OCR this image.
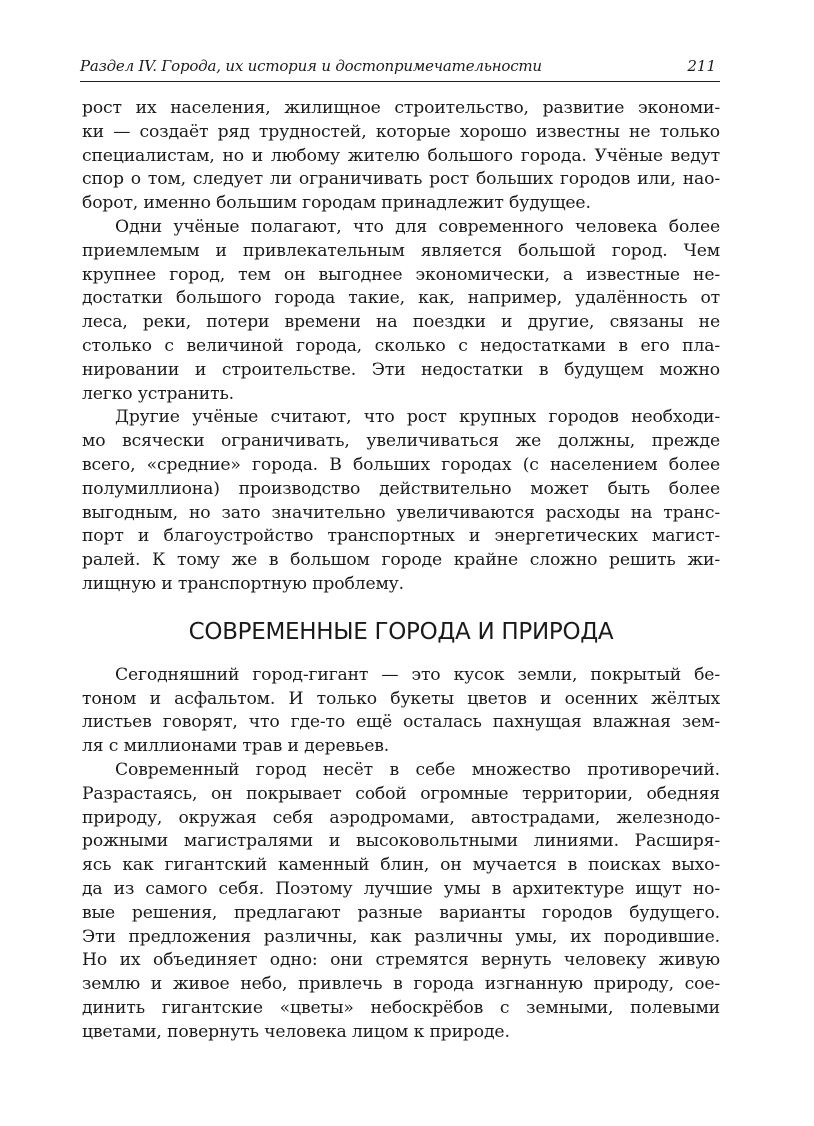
Раздел IV. Города, их история и достопримечательности	211
рост их населения, жилищное строительство, развитие экономи-
ки — создаёт ряд трудностей, которые хорошо известны не только
специалистам, но и любому жителю большого города. Учёные ведут
спор о том, следует ли ограничивать рост больших городов или, нао-
борот, именно большим городам принадлежит будущее.
Одни учёные полагают, что для современного человека более
приемлемым и привлекательным является большой город. Чем
крупнее город, тем он выгоднее экономически, а известные не-
достатки большого города такие, как, например, удалённость от
леса, реки, потери времени на поездки и другие, связаны не
столько с величиной города, сколько с недостатками в его пла-
нировании и строительстве. Эти недостатки в будущем можно
легко устранить.
Другие учёные считают, что рост крупных городов необходи-
мо всячески ограничивать, увеличиваться же должны, прежде
всего, «средние» города. В больших городах (с населением более
полумиллиона) производство действительно может быть более
выгодным, но зато значительно увеличиваются расходы на транс-
порт и благоустройство транспортных и энергетических магист-
ралей. К тому же в большом городе крайне сложно решить жи-
лищную и транспортную проблему.
СОВРЕМЕННЫЕ ГОРОДА И ПРИРОДА
Сегодняшний город-гигант — это кусок земли, покрытый бе-
тоном и асфальтом. И только букеты цветов и осенних жёлтых
листьев говорят, что где-то ещё осталась пахнущая влажная зем-
ля с миллионами трав и деревьев.
Современный город несёт в себе множество противоречий.
Разрастаясь, он покрывает собой огромные территории, обедняя
природу, окружая себя аэродромами, автострадами, железнодо-
рожными магистралями и высоковольтными линиями. Расширя-
ясь как гигантский каменный блин, он мучается в поисках выхо-
да из самого себя. Поэтому лучшие умы в архитектуре ищут но-
вые решения, предлагают разные варианты городов будущего.
Эти предложения различны, как различны умы, их породившие.
Но их объединяет одно: они стремятся вернуть человеку живую
землю и живое небо, привлечь в города изгнанную природу, сое-
динить гигантские «цветы» небоскрёбов с земными, полевыми
цветами, повернуть человека лицом к природе.
